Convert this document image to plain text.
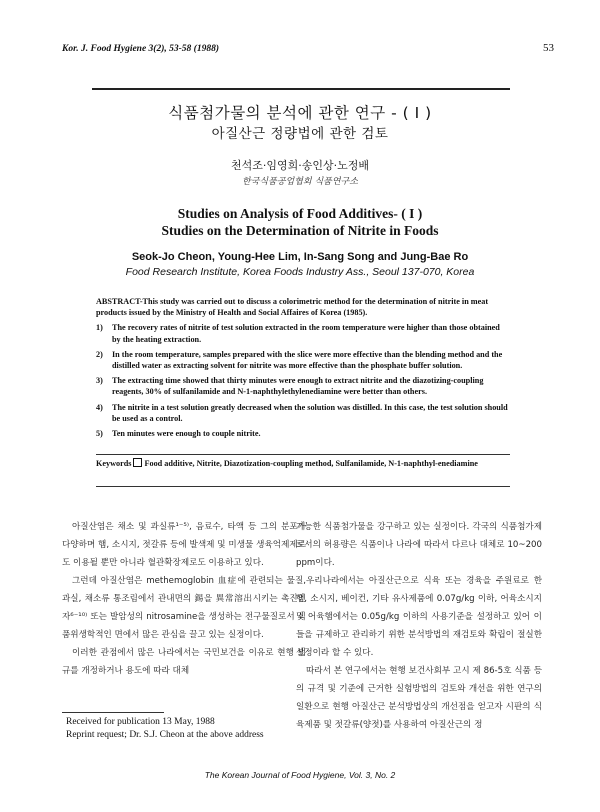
Kor. J. Food Hygiene 3(2), 53-58 (1988)	53
식품첨가물의 분석에 관한 연구 - ( I )
아질산근 정량법에 관한 검토
천석조·임영희·송인상·노정배
한국식품공업협회 식품연구소
Studies on Analysis of Food Additives- ( I )
Studies on the Determination of Nitrite in Foods
Seok-Jo Cheon, Young-Hee Lim, In-Sang Song and Jung-Bae Ro
Food Research Institute, Korea Foods Industry Ass., Seoul 137-070, Korea

ABSTRACT-This study was carried out to discuss a colorimetric method for the determination of nitrite in meat products issued by the Ministry of Health and Social Affaires of Korea (1985).

1)	The recovery rates of nitrite of test solution extracted in the room temperature were higher than those obtained by the heating extraction.
2)	In the room temperature, samples prepared with the slice were more effective than the blending method and the distilled water as extracting solvent for nitrite was more effective than the phosphate buffer solution.
3)	The extracting time showed that thirty minutes were enough to extract nitrite and the diazotizing-coupling reagents, 30% of sulfanilamide and N-1-naphthylethylenediamine were better than others.
4)	The nitrite in a test solution greatly decreased when the solution was distilled. In this case, the test solution should be used as a control.
5)	Ten minutes were enough to couple nitrite.
Keywords Food additive, Nitrite, Diazotization-coupling method, Sulfanilamide, N-1-naphthyl-enediamine

아질산염은 채소 및 과실류¹⁻⁵⁾, 음료수, 타액 등 그의 분포가 다양하며 햄, 소시지, 젓갈류 등에 발색제 및 미생물 생육억제제로도 이용될 뿐만 아니라 혈관확장제로도 이용하고 있다.

그런데 아질산염은 methemoglobin 血症에 관련되는 물질, 과실, 채소류 통조림에서 관내면의 錫을 異常溶出시키는 촉진인자⁶⁻¹⁰⁾ 또는 발암성의 nitrosamine을 생성하는 전구물질로서 식품위생학적인 면에서 많은 관심을 끌고 있는 실정이다.

이러한 관점에서 많은 나라에서는 국민보건을 이유로 현행 법규를 개정하거나 용도에 따라 대체

가능한 식품첨가물을 강구하고 있는 실정이다. 각국의 식품첨가제로서의 허용량은 식품이나 나라에 따라서 다르나 대체로 10~200 ppm이다.

우리나라에서는 아질산근으로 식육 또는 경육을 주원료로 한 햄, 소시지, 베이컨, 기타 유사제품에 0.07g/kg 이하, 어육소시지 및 어육햄에서는 0.05g/kg 이하의 사용기준을 설정하고 있어 이들을 규제하고 관리하기 위한 분석방법의 재검토와 확립이 절실한 실정이라 할 수 있다.

따라서 본 연구에서는 현행 보건사회부 고시 제 86-5호 식품 등의 규격 및 기준에 근거한 실험방법의 검토와 개선을 위한 연구의 일환으로 현행 아질산근 분석방법상의 개선점을 얻고자 시판의 식육제품 및 젓갈류(양젓)를 사용하여 아질산근의 정

Received for publication 13 May, 1988
Reprint request; Dr. S.J. Cheon at the above address
The Korean Journal of Food Hygiene, Vol. 3, No. 2
